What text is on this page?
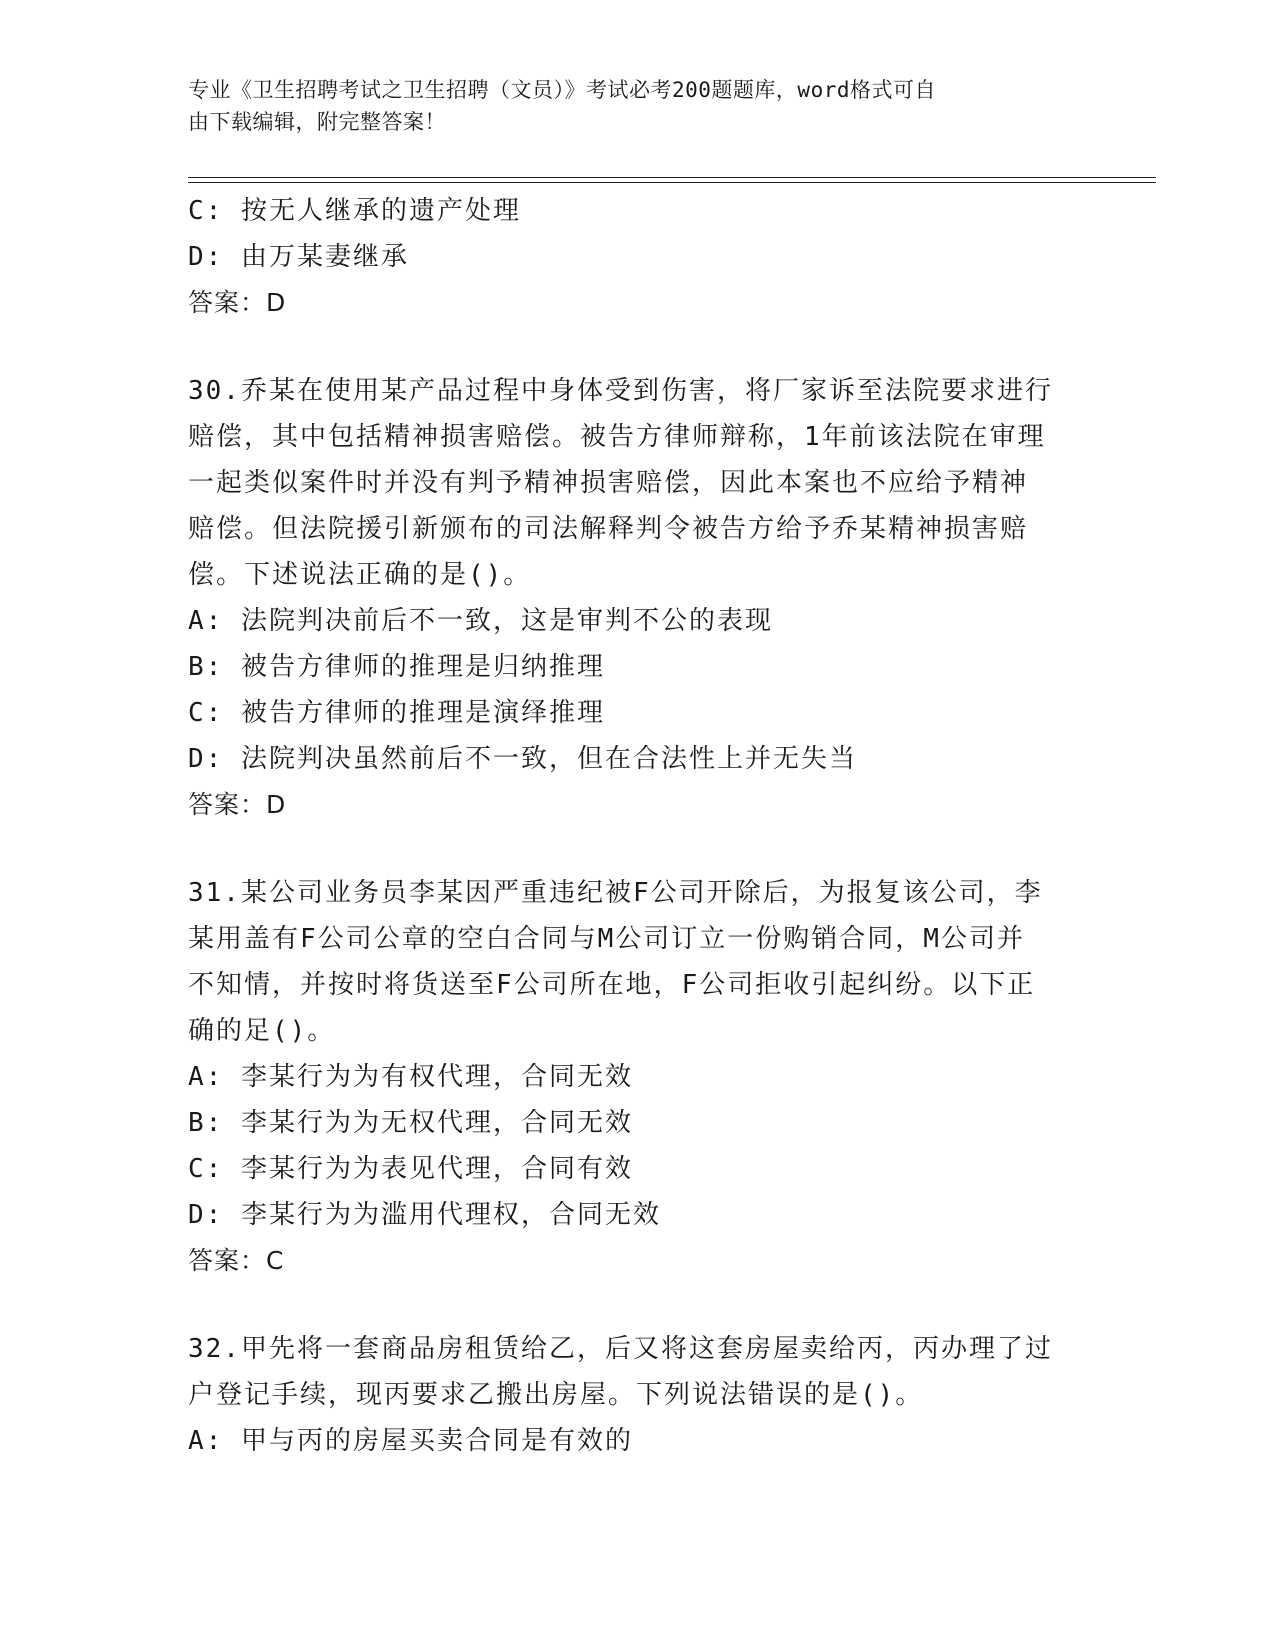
专业《卫生招聘考试之卫生招聘（文员）》考试必考200题题库，word格式可自
由下载编辑，附完整答案！
C: 按无人继承的遗产处理
D: 由万某妻继承
答案：D
30.乔某在使用某产品过程中身体受到伤害，将厂家诉至法院要求进行
赔偿，其中包括精神损害赔偿。被告方律师辩称，1年前该法院在审理
一起类似案件时并没有判予精神损害赔偿，因此本案也不应给予精神
赔偿。但法院援引新颁布的司法解释判令被告方给予乔某精神损害赔
偿。下述说法正确的是()。
A: 法院判决前后不一致，这是审判不公的表现
B: 被告方律师的推理是归纳推理
C: 被告方律师的推理是演绎推理
D: 法院判决虽然前后不一致，但在合法性上并无失当
答案：D
31.某公司业务员李某因严重违纪被F公司开除后，为报复该公司，李
某用盖有F公司公章的空白合同与M公司订立一份购销合同，M公司并
不知情，并按时将货送至F公司所在地，F公司拒收引起纠纷。以下正
确的足()。
A: 李某行为为有权代理，合同无效
B: 李某行为为无权代理，合同无效
C: 李某行为为表见代理，合同有效
D: 李某行为为滥用代理权，合同无效
答案：C
32.甲先将一套商品房租赁给乙，后又将这套房屋卖给丙，丙办理了过
户登记手续，现丙要求乙搬出房屋。下列说法错误的是()。
A: 甲与丙的房屋买卖合同是有效的
